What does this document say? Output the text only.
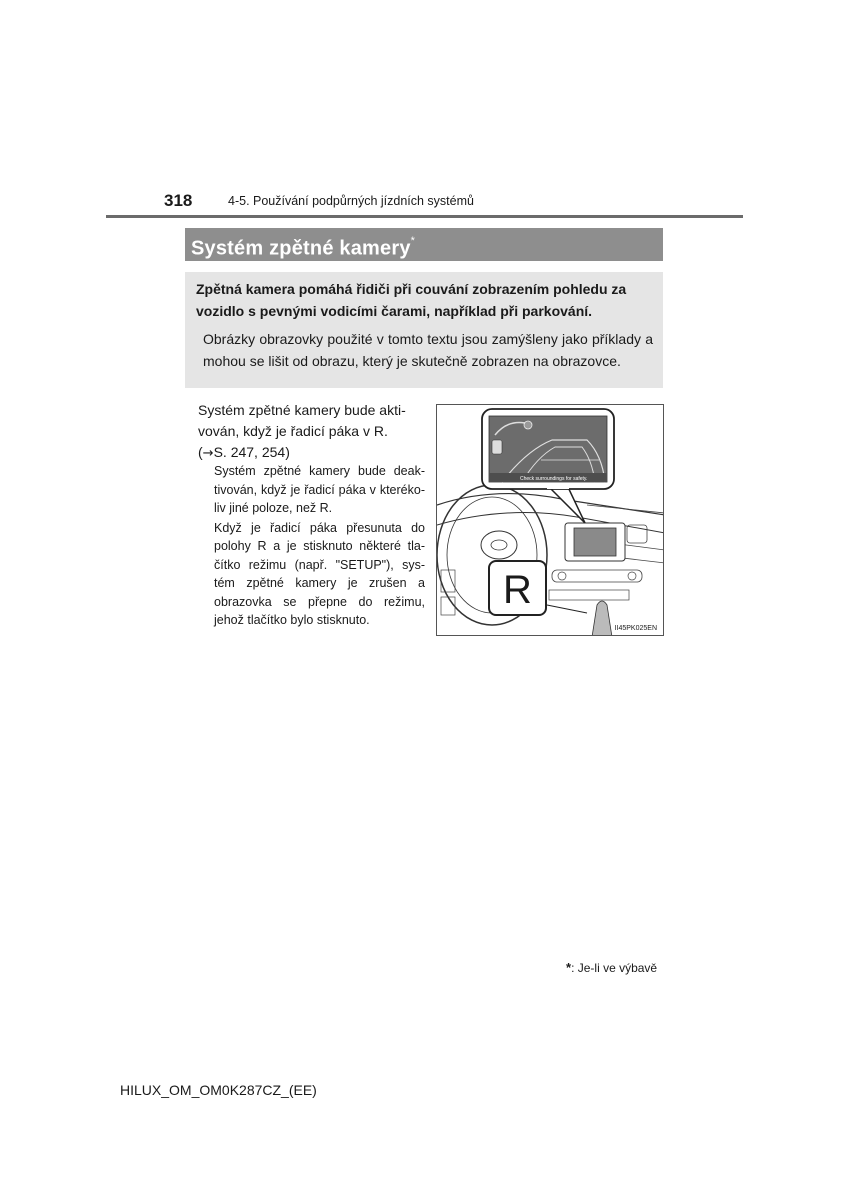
318	4-5. Používání podpůrných jízdních systémů
Systém zpětné kamery*
Zpětná kamera pomáhá řidiči při couvání zobrazením pohledu za vozidlo s pevnými vodicími čarami, například při parkování.
Obrázky obrazovky použité v tomto textu jsou zamýšleny jako příklady a mohou se lišit od obrazu, který je skutečně zobrazen na obrazovce.
Systém zpětné kamery bude akti-vován, když je řadicí páka v R.
(→S. 247, 254)

Systém zpětné kamery bude deak-tivován, když je řadicí páka v kteréko-liv jiné poloze, než R.

Když je řadicí páka přesunuta do polohy R a je stisknuto některé tla-čítko režimu (např. "SETUP"), sys-tém zpětné kamery je zrušen a obrazovka se přepne do režimu, jehož tlačítko bylo stisknuto.

Check surroundings for safety.
R
II45PK025EN
*: Je-li ve výbavě
HILUX_OM_OM0K287CZ_(EE)
